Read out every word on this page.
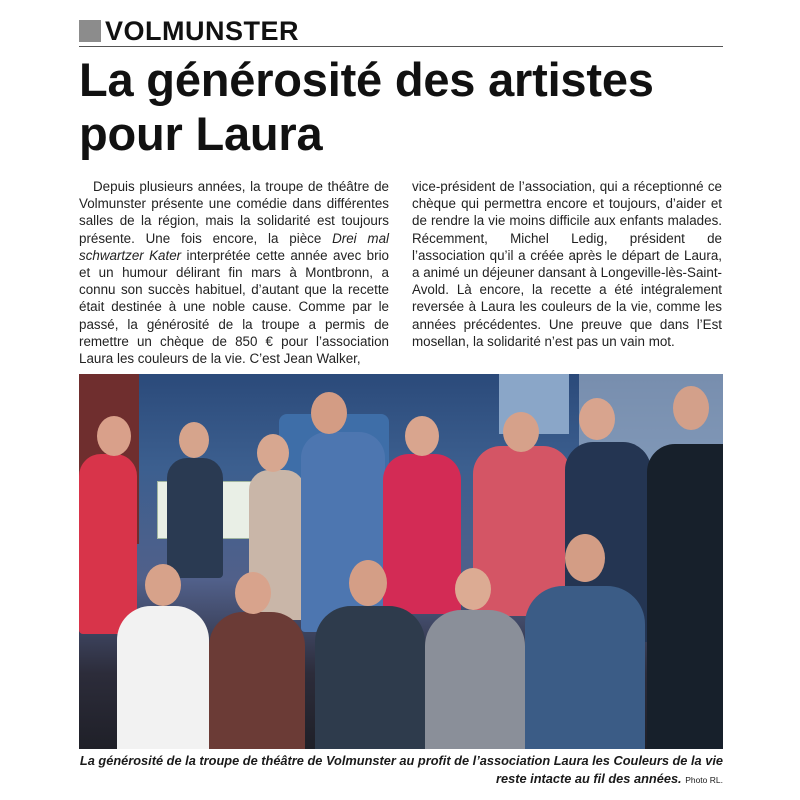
VOLMUNSTER
La générosité des artistes pour Laura

Depuis plusieurs années, la troupe de théâtre de Volmunster présente une comédie dans différentes salles de la région, mais la solidarité est toujours présente. Une fois encore, la pièce Drei mal schwartzer Kater interprétée cette année avec brio et un humour délirant fin mars à Montbronn, a connu son succès habituel, d’autant que la recette était destinée à une noble cause. Comme par le passé, la générosité de la troupe a permis de remettre un chèque de 850 € pour l’association Laura les couleurs de la vie. C’est Jean Walker,

vice-président de l’association, qui a réceptionné ce chèque qui permettra encore et toujours, d’aider et de rendre la vie moins difficile aux enfants malades. Récemment, Michel Ledig, président de l’association qu’il a créée après le départ de Laura, a animé un déjeuner dansant à Longeville-lès-Saint-Avold. Là encore, la recette a été intégralement reversée à Laura les couleurs de la vie, comme les années précédentes. Une preuve que dans l’Est mosellan, la solidarité n’est pas un vain mot.

La générosité de la troupe de théâtre de Volmunster au profit de l’association Laura les Couleurs de la vie reste intacte au fil des années. Photo RL.
